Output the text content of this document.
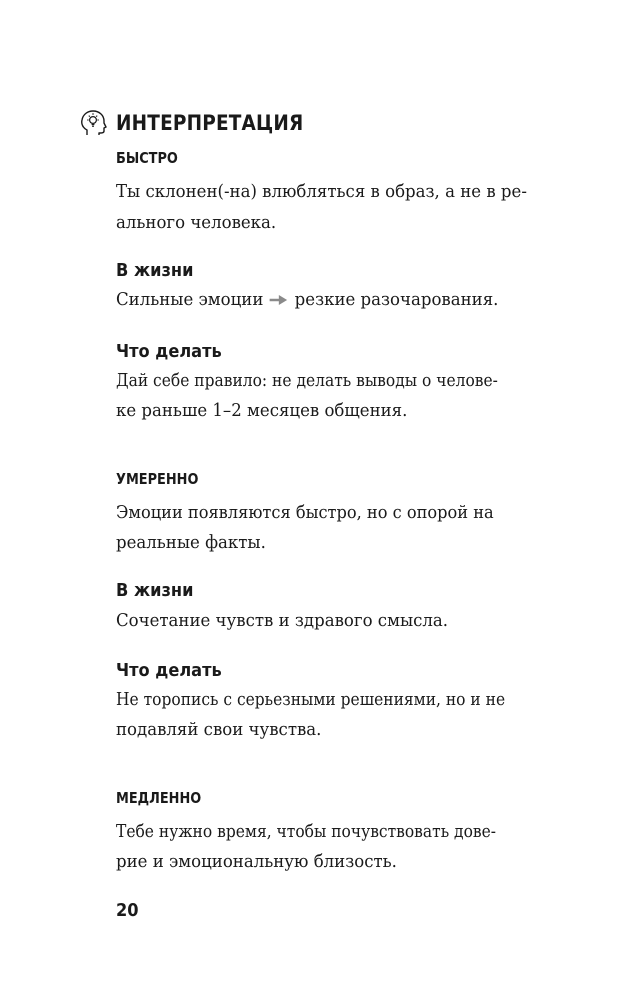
ИНТЕРПРЕТАЦИЯ
БЫСТРО
Ты склонен(-на) влюбляться в образ, а не в ре-
ального человека.
В жизни
Сильные эмоции резкие разочарования.
Что делать
Дай себе правило: не делать выводы о челове-
ке раньше 1–2 месяцев общения.
УМЕРЕННО
Эмоции появляются быстро, но с опорой на
реальные факты.
В жизни
Сочетание чувств и здравого смысла.
Что делать
Не торопись с серьезными решениями, но и не
подавляй свои чувства.
МЕДЛЕННО
Тебе нужно время, чтобы почувствовать дове-
рие и эмоциональную близость.
20
